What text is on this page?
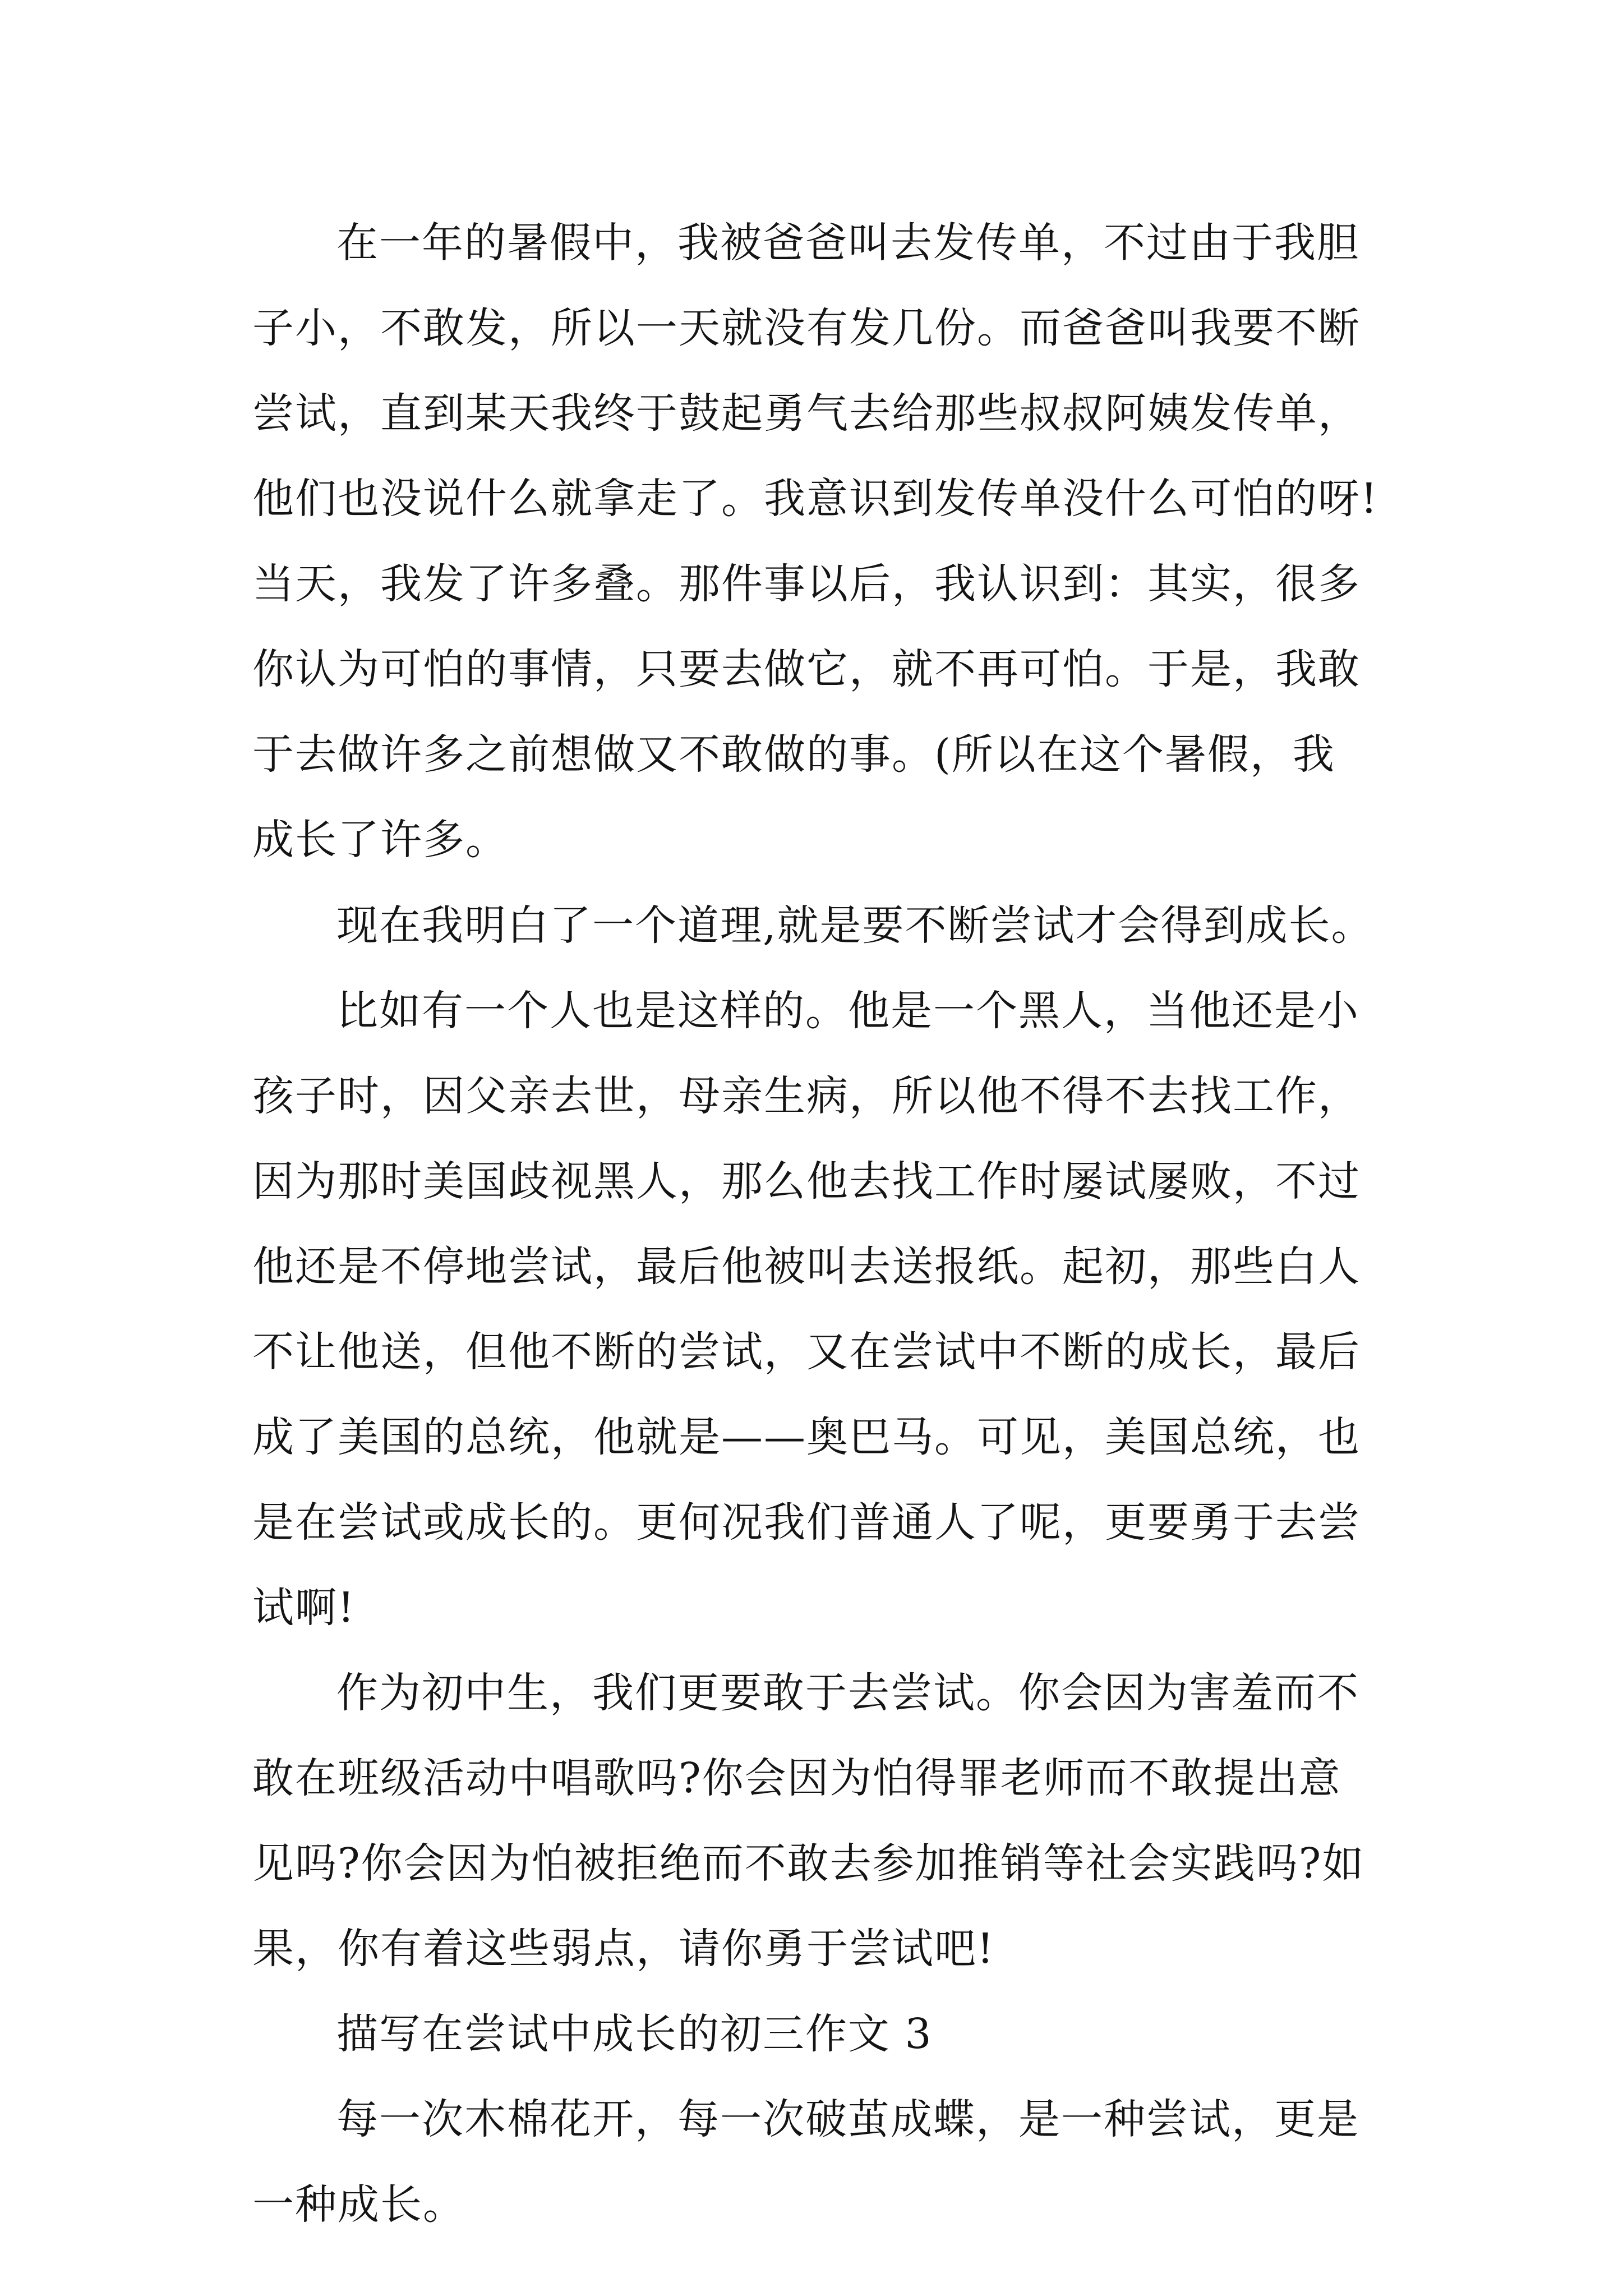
在一年的暑假中，我被爸爸叫去发传单，不过由于我胆
子小，不敢发，所以一天就没有发几份。而爸爸叫我要不断
尝试，直到某天我终于鼓起勇气去给那些叔叔阿姨发传单，
他们也没说什么就拿走了。我意识到发传单没什么可怕的呀!
当天，我发了许多叠。那件事以后，我认识到：其实，很多
你认为可怕的事情，只要去做它，就不再可怕。于是，我敢
于去做许多之前想做又不敢做的事。(所以在这个暑假，我
成长了许多。
现在我明白了一个道理,就是要不断尝试才会得到成长。
比如有一个人也是这样的。他是一个黑人，当他还是小
孩子时，因父亲去世，母亲生病，所以他不得不去找工作，
因为那时美国歧视黑人，那么他去找工作时屡试屡败，不过
他还是不停地尝试，最后他被叫去送报纸。起初，那些白人
不让他送，但他不断的尝试，又在尝试中不断的成长，最后
成了美国的总统，他就是——奥巴马。可见，美国总统，也
是在尝试或成长的。更何况我们普通人了呢，更要勇于去尝
试啊!
作为初中生，我们更要敢于去尝试。你会因为害羞而不
敢在班级活动中唱歌吗?你会因为怕得罪老师而不敢提出意
见吗?你会因为怕被拒绝而不敢去参加推销等社会实践吗?如
果，你有着这些弱点，请你勇于尝试吧!
描写在尝试中成长的初三作文 3
每一次木棉花开，每一次破茧成蝶，是一种尝试，更是
一种成长。
